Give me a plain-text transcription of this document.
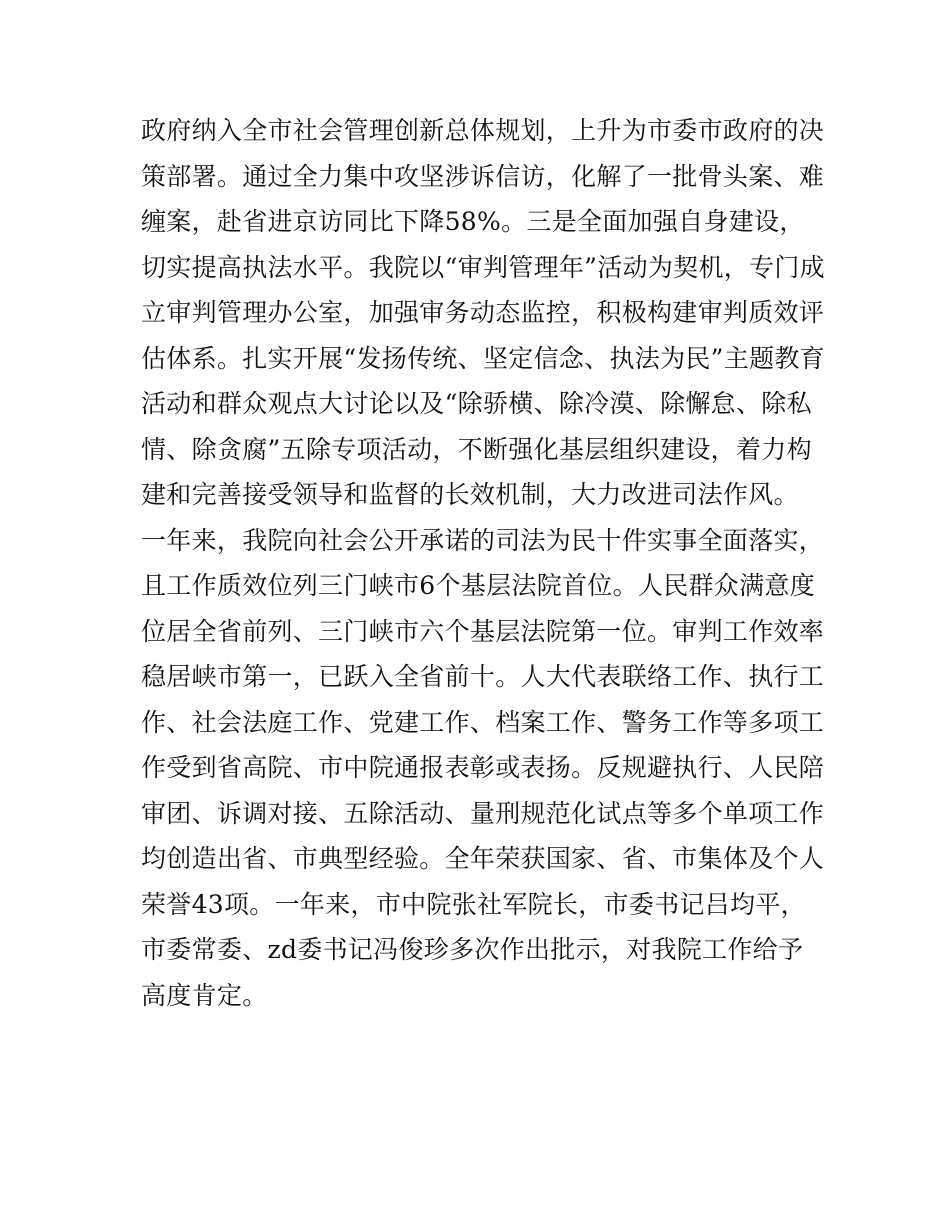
政府纳入全市社会管理创新总体规划，上升为市委市政府的决
策部署。通过全力集中攻坚涉诉信访，化解了一批骨头案、难
缠案，赴省进京访同比下降58%。三是全面加强自身建设，
切实提高执法水平。我院以“审判管理年”活动为契机，专门成
立审判管理办公室，加强审务动态监控，积极构建审判质效评
估体系。扎实开展“发扬传统、坚定信念、执法为民”主题教育
活动和群众观点大讨论以及“除骄横、除冷漠、除懈怠、除私
情、除贪腐”五除专项活动，不断强化基层组织建设，着力构
建和完善接受领导和监督的长效机制，大力改进司法作风。
一年来，我院向社会公开承诺的司法为民十件实事全面落实，
且工作质效位列三门峡市6个基层法院首位。人民群众满意度
位居全省前列、三门峡市六个基层法院第一位。审判工作效率
稳居峡市第一，已跃入全省前十。人大代表联络工作、执行工
作、社会法庭工作、党建工作、档案工作、警务工作等多项工
作受到省高院、市中院通报表彰或表扬。反规避执行、人民陪
审团、诉调对接、五除活动、量刑规范化试点等多个单项工作
均创造出省、市典型经验。全年荣获国家、省、市集体及个人
荣誉43项。一年来，市中院张社军院长，市委书记吕均平，
市委常委、zd委书记冯俊珍多次作出批示，对我院工作给予
高度肯定。
